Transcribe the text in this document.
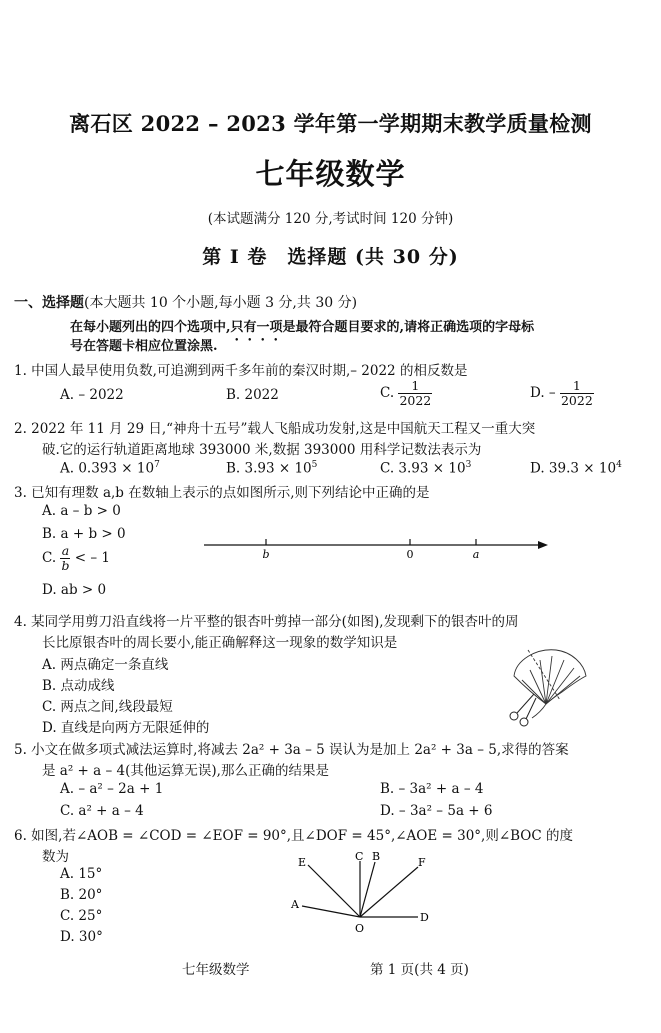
离石区 2022 – 2023 学年第一学期期末教学质量检测
七年级数学
(本试题满分 120 分,考试时间 120 分钟)
第 I 卷　选择题 (共 30 分)
一、选择题(本大题共 10 个小题,每小题 3 分,共 30 分)
在每小题列出的四个选项中,只有一项是最符合题目要求的,请将正确选项的字母标
号在答题卡相应位置涂黑.
1. 中国人最早使用负数,可追溯到两千多年前的秦汉时期,– 2022 的相反数是
A. – 2022	B. 2022	C. $\frac{1}{2022}$	D. – $\frac{1}{2022}$
2. 2022 年 11 月 29 日,“神舟十五号”载人飞船成功发射,这是中国航天工程又一重大突
破.它的运行轨道距离地球 393000 米,数据 393000 用科学记数法表示为
A. $0.393 \times 10^7$	B. $3.93 \times 10^5$	C. $3.93 \times 10^3$	D. $39.3 \times 10^4$
3. 已知有理数 a,b 在数轴上表示的点如图所示,则下列结论中正确的是
A. a – b > 0
B. a + b > 0
C. $\frac{a}{b}$ < – 1
D. ab > 0
b	0	a
4. 某同学用剪刀沿直线将一片平整的银杏叶剪掉一部分(如图),发现剩下的银杏叶的周
长比原银杏叶的周长要小,能正确解释这一现象的数学知识是
A. 两点确定一条直线
B. 点动成线
C. 两点之间,线段最短
D. 直线是向两方无限延伸的
5. 小文在做多项式减法运算时,将减去 2a² + 3a – 5 误认为是加上 2a² + 3a – 5,求得的答案
是 a² + a – 4(其他运算无误),那么正确的结果是
A. – a² – 2a + 1	B. – 3a² + a – 4
C. a² + a – 4	D. – 3a² – 5a + 6
6. 如图,若∠AOB = ∠COD = ∠EOF = 90°,且∠DOF = 45°,∠AOE = 30°,则∠BOC 的度
数为
A. 15°
B. 20°
C. 25°
D. 30°
E	C B	F
A
O
D
七年级数学	第 1 页(共 4 页)
